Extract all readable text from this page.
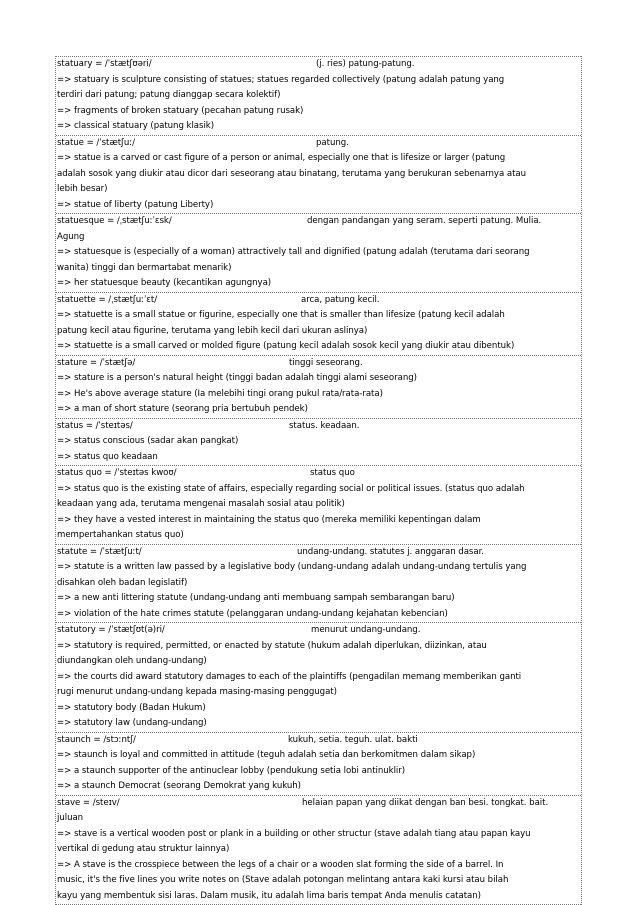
statuary = /ˈstætʃʊəri/	(j. ries) patung-patung.
=> statuary is sculpture consisting of statues; statues regarded collectively (patung adalah patung yang
terdiri dari patung; patung dianggap secara kolektif)
=> fragments of broken statuary (pecahan patung rusak)
=> classical statuary (patung klasik)
statue = /ˈstætʃuː/	patung.
=> statue is a carved or cast figure of a person or animal, especially one that is lifesize or larger (patung
adalah sosok yang diukir atau dicor dari seseorang atau binatang, terutama yang berukuran sebenarnya atau
lebih besar)
=> statue of liberty (patung Liberty)
statuesque = /ˌstætʃuːˈɛsk/	dengan pandangan yang seram. seperti patung. Mulia.
Agung
=> statuesque is (especially of a woman) attractively tall and dignified (patung adalah (terutama dari seorang
wanita) tinggi dan bermartabat menarik)
=> her statuesque beauty (kecantikan agungnya)
statuette = /ˌstætʃuːˈɛt/	arca, patung kecil.
=> statuette is a small statue or figurine, especially one that is smaller than lifesize (patung kecil adalah
patung kecil atau figurine, terutama yang lebih kecil dari ukuran aslinya)
=> statuette is a small carved or molded figure (patung kecil adalah sosok kecil yang diukir atau dibentuk)
stature = /ˈstætʃə/	tinggi seseorang.
=> stature is a person's natural height (tinggi badan adalah tinggi alami seseorang)
=> He's above average stature (Ia melebihi tingi orang pukul rata/rata-rata)
=> a man of short stature (seorang pria bertubuh pendek)
status = /ˈsteɪtəs/	status. keadaan.
=> status conscious (sadar akan pangkat)
=> status quo keadaan
status quo = /ˈsteɪtəs kwoʊ/	status quo
=> status quo is the existing state of affairs, especially regarding social or political issues. (status quo adalah
keadaan yang ada, terutama mengenai masalah sosial atau politik)
=> they have a vested interest in maintaining the status quo (mereka memiliki kepentingan dalam
mempertahankan status quo)
statute = /ˈstætʃuːt/	undang-undang. statutes j. anggaran dasar.
=> statute is a written law passed by a legislative body (undang-undang adalah undang-undang tertulis yang
disahkan oleh badan legislatif)
=> a new anti littering statute (undang-undang anti membuang sampah sembarangan baru)
=> violation of the hate crimes statute (pelanggaran undang-undang kejahatan kebencian)
statutory = /ˈstætʃʊt(ə)ri/	menurut undang-undang.
=> statutory is required, permitted, or enacted by statute (hukum adalah diperlukan, diizinkan, atau
diundangkan oleh undang-undang)
=> the courts did award statutory damages to each of the plaintiffs (pengadilan memang memberikan ganti
rugi menurut undang-undang kepada masing-masing penggugat)
=> statutory body (Badan Hukum)
=> statutory law (undang-undang)
staunch = /stɔːntʃ/	kukuh, setia. teguh. ulat. bakti
=> staunch is loyal and committed in attitude (teguh adalah setia dan berkomitmen dalam sikap)
=> a staunch supporter of the antinuclear lobby (pendukung setia lobi antinuklir)
=> a staunch Democrat (seorang Demokrat yang kukuh)
stave = /steɪv/	helaian papan yang diikat dengan ban besi. tongkat. bait.
juluan
=> stave is a vertical wooden post or plank in a building or other structur (stave adalah tiang atau papan kayu
vertikal di gedung atau struktur lainnya)
=> A stave is the crosspiece between the legs of a chair or a wooden slat forming the side of a barrel. In
music, it's the five lines you write notes on (Stave adalah potongan melintang antara kaki kursi atau bilah
kayu yang membentuk sisi laras. Dalam musik, itu adalah lima baris tempat Anda menulis catatan)
